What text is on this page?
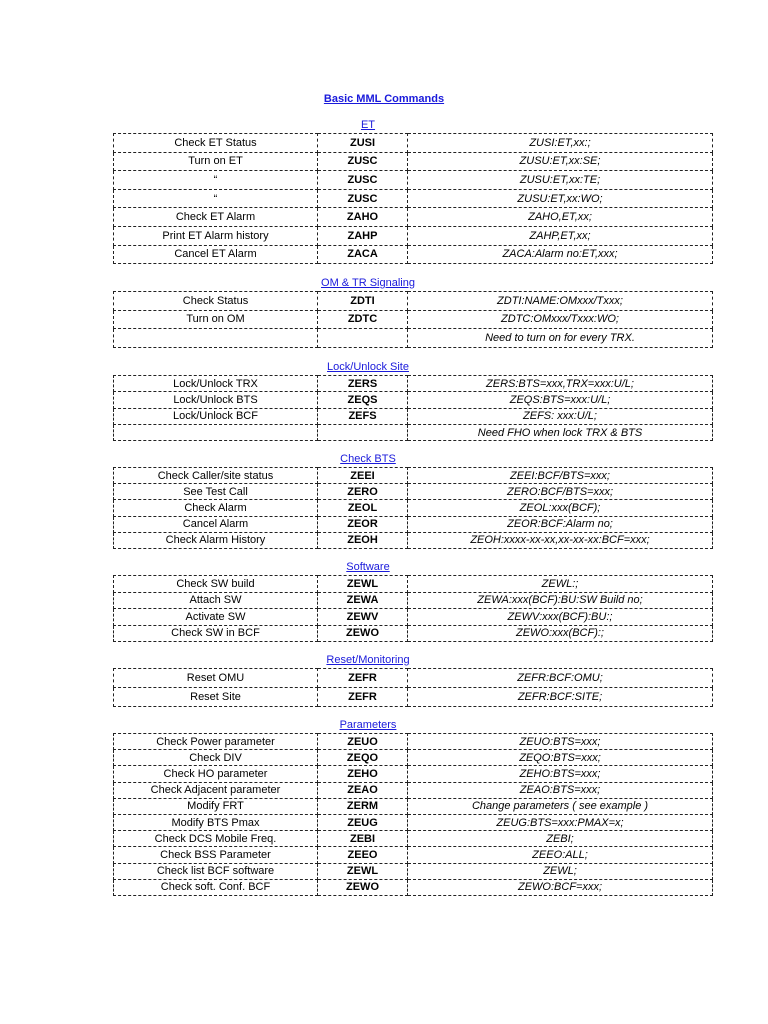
Basic MML Commands
ET
Check ET Status	ZUSI	ZUSI:ET,xx:;
Turn on ET	ZUSC	ZUSU:ET,xx:SE;
“	ZUSC	ZUSU:ET,xx:TE;
“	ZUSC	ZUSU:ET,xx:WO;
Check ET Alarm	ZAHO	ZAHO,ET,xx;
Print ET Alarm history	ZAHP	ZAHP,ET,xx;
Cancel ET Alarm	ZACA	ZACA:Alarm no:ET,xxx;
OM & TR Signaling
Check Status	ZDTI	ZDTI:NAME:OMxxx/Txxx;
Turn on OM	ZDTC	ZDTC:OMxxx/Txxx:WO;
		Need to turn on for every TRX.
Lock/Unlock Site
Lock/Unlock TRX	ZERS	ZERS:BTS=xxx,TRX=xxx:U/L;
Lock/Unlock BTS	ZEQS	ZEQS:BTS=xxx:U/L;
Lock/Unlock BCF	ZEFS	ZEFS: xxx:U/L;
		Need FHO when lock TRX & BTS
Check BTS
Check Caller/site status	ZEEI	ZEEI:BCF/BTS=xxx;
See Test Call	ZERO	ZERO:BCF/BTS=xxx;
Check Alarm	ZEOL	ZEOL:xxx(BCF);
Cancel Alarm	ZEOR	ZEOR:BCF:Alarm no;
Check Alarm History	ZEOH	ZEOH:xxxx-xx-xx,xx-xx-xx:BCF=xxx;
Software
Check SW build	ZEWL	ZEWL:;
Attach SW	ZEWA	ZEWA:xxx(BCF):BU:SW Build no;
Activate SW	ZEWV	ZEWV:xxx(BCF):BU:;
Check SW in BCF	ZEWO	ZEWO:xxx(BCF):;
Reset/Monitoring
Reset OMU	ZEFR	ZEFR:BCF:OMU;
Reset Site	ZEFR	ZEFR:BCF:SITE;
Parameters
Check Power parameter	ZEUO	ZEUO:BTS=xxx;
Check DIV	ZEQO	ZEQO:BTS=xxx;
Check HO parameter	ZEHO	ZEHO:BTS=xxx;
Check Adjacent parameter	ZEAO	ZEAO:BTS=xxx;
Modify FRT	ZERM	Change parameters ( see example )
Modify BTS Pmax	ZEUG	ZEUG:BTS=xxx:PMAX=x;
Check DCS Mobile Freq.	ZEBI	ZEBI;
Check BSS Parameter	ZEEO	ZEEO:ALL;
Check list BCF software	ZEWL	ZEWL;
Check soft. Conf. BCF	ZEWO	ZEWO:BCF=xxx;
